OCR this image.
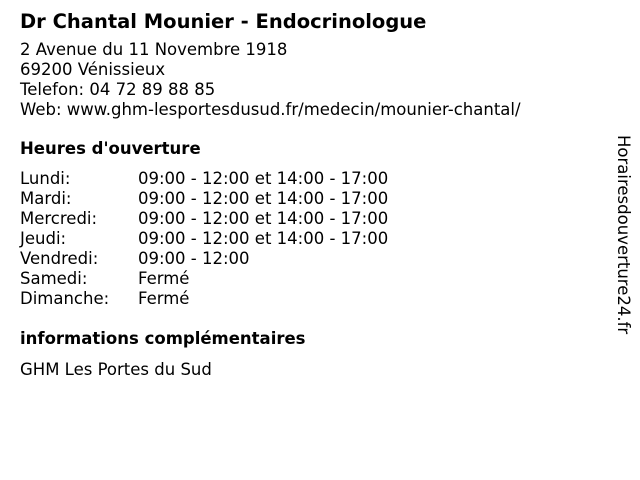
Dr Chantal Mounier - Endocrinologue
2 Avenue du 11 Novembre 1918
69200 Vénissieux
Telefon: 04 72 89 88 85
Web: www.ghm-lesportesdusud.fr/medecin/mounier-chantal/
Heures d'ouverture
Lundi:	09:00 - 12:00 et 14:00 - 17:00
Mardi:	09:00 - 12:00 et 14:00 - 17:00
Mercredi: 09:00 - 12:00 et 14:00 - 17:00
Jeudi:	09:00 - 12:00 et 14:00 - 17:00
Vendredi: 09:00 - 12:00
Samedi:	Fermé
Dimanche: Fermé
informations complémentaires
GHM Les Portes du Sud
Horairesdouverture24.fr
